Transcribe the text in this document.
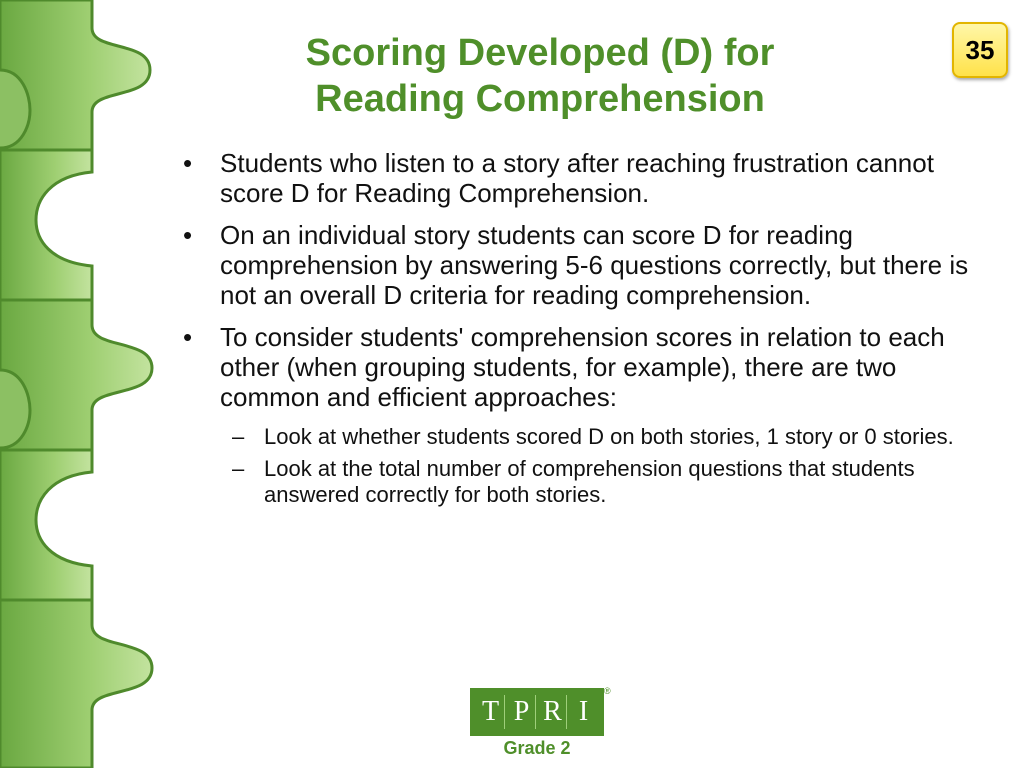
Scoring Developed (D) for
Reading Comprehension
35
• Students who listen to a story after reaching frustration cannot score D for Reading Comprehension.
• On an individual story students can score D for reading comprehension by answering 5-6 questions correctly, but there is not an overall D criteria for reading comprehension.
• To consider students' comprehension scores in relation to each other (when grouping students, for example), there are two common and efficient approaches:
– Look at whether students scored D on both stories, 1 story or 0 stories.
– Look at the total number of comprehension questions that students answered correctly for both stories.
T P R I
®
Grade 2
